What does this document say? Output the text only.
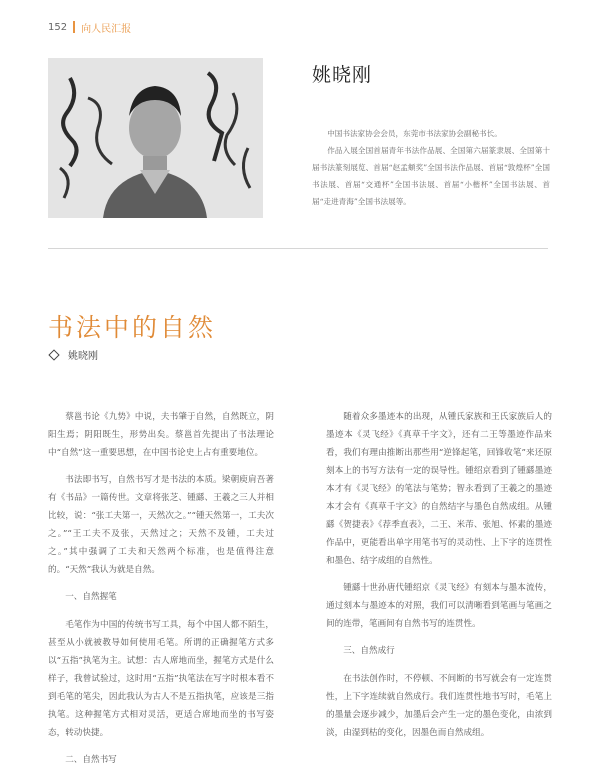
152 向人民汇报
姚晓刚

中国书法家协会会员，东莞市书法家协会副秘书长。

作品入展全国首届青年书法作品展、全国第六届篆隶展、全国第十届书法篆刻展览、首届“赵孟頫奖”全国书法作品展、首届“敦煌杯”全国书法展、首届“交通杯”全国书法展、首届“小楷杯”全国书法展、首届“走进青海”全国书法展等。

书法中的自然
姚晓刚

蔡邕书论《九势》中说，夫书肇于自然，自然既立，阴阳生焉；阴阳既生，形势出矣。蔡邕首先提出了书法理论中“自然”这一重要思想，在中国书论史上占有重要地位。

书法即书写，自然书写才是书法的本质。梁朝庾肩吾著有《书品》一篇传世。文章将张芝、锺繇、王羲之三人并相比较，说：“张工夫第一，天然次之。”“锺天然第一，工夫次之。”“王工夫不及张，天然过之；天然不及锺，工夫过之。”其中强调了工夫和天然两个标准，也是值得注意的。“天然”我认为就是自然。

一、自然握笔

毛笔作为中国的传统书写工具，每个中国人都不陌生，甚至从小就被教导如何使用毛笔。所谓的正确握笔方式多以“五指”执笔为主。试想：古人席地而坐，握笔方式是什么样子，我曾试验过，这时用“五指”执笔法在写字时根本看不到毛笔的笔尖，因此我认为古人不是五指执笔，应该是三指执笔。这种握笔方式相对灵活，更适合席地而坐的书写姿态，转动快捷。

二、自然书写

随着众多墨迹本的出现，从锺氏家族和王氏家族后人的墨迹本《灵飞经》《真草千字文》，还有二王等墨迹作品来看，我们有理由推断出那些用“逆锋起笔，回锋收笔”来还原刻本上的书写方法有一定的误导性。锺绍京看到了锺繇墨迹本才有《灵飞经》的笔法与笔势；智永看到了王羲之的墨迹本才会有《真草千字文》的自然结字与墨色自然成组。从锺繇《贺捷表》《荐季直表》，二王、米芾、张旭、怀素的墨迹作品中，更能看出单字用笔书写的灵动性、上下字的连贯性和墨色、结字成组的自然性。

锺繇十世孙唐代锺绍京《灵飞经》有刻本与墨本流传，通过刻本与墨迹本的对照，我们可以清晰看到笔画与笔画之间的连带，笔画间有自然书写的连贯性。

三、自然成行

在书法创作时，不停顿、不间断的书写就会有一定连贯性，上下字连续就自然成行。我们连贯性地书写时，毛笔上的墨量会逐步减少，加墨后会产生一定的墨色变化，由浓到淡，由湿到枯的变化，因墨色而自然成组。
